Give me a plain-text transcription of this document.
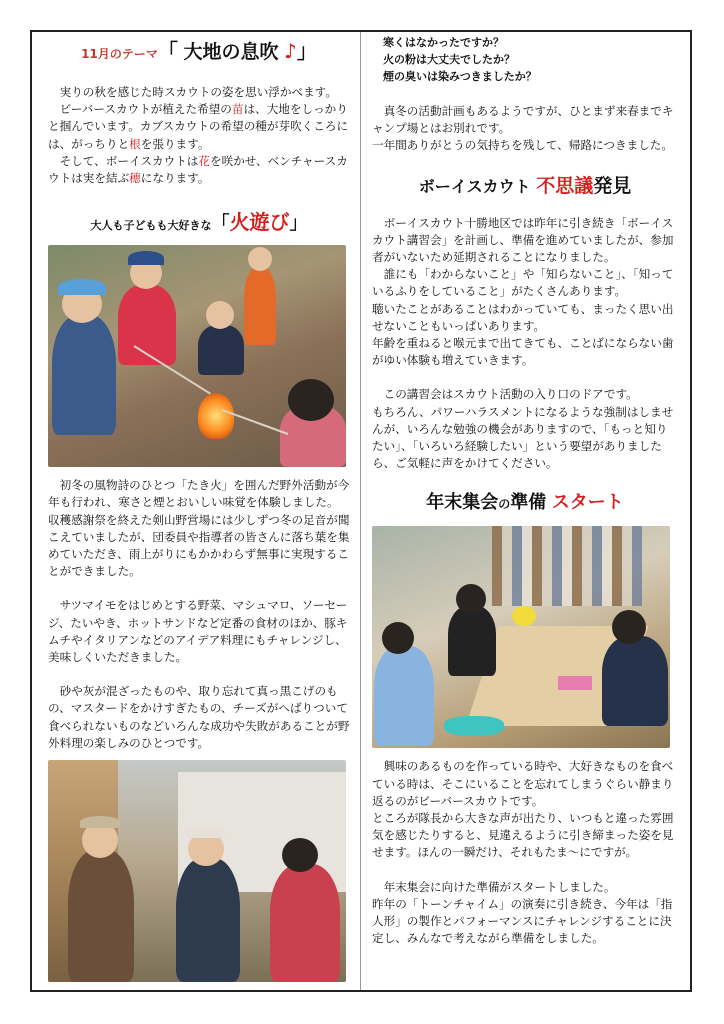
11月のテーマ「 大地の息吹 ♪」

　実りの秋を感じた時スカウトの姿を思い浮かべます。

　ビーバースカウトが植えた希望の苗は、大地をしっかりと掴んでいます。カブスカウトの希望の種が芽吹くころには、がっちりと根を張ります。

　そして、ボーイスカウトは花を咲かせ、ベンチャースカウトは実を結ぶ穂になります。

大人も子どもも大好きな「火遊び」

　初冬の風物詩のひとつ「たき火」を囲んだ野外活動が今年も行われ、寒さと煙とおいしい味覚を体験しました。収穫感謝祭を終えた剣山野営場には少しずつ冬の足音が聞こえていましたが、団委員や指導者の皆さんに落ち葉を集めていただき、雨上がりにもかかわらず無事に実現することができました。

　サツマイモをはじめとする野菜、マシュマロ、ソーセージ、たいやき、ホットサンドなど定番の食材のほか、豚キムチやイタリアンなどのアイデア料理にもチャレンジし、美味しくいただきました。

　砂や灰が混ざったものや、取り忘れて真っ黒こげのもの、マスタードをかけすぎたもの、チーズがへばりついて食べられないものなどいろんな成功や失敗があることが野外料理の楽しみのひとつです。

　寒くはなかったですか？

　火の粉は大丈夫でしたか？

　煙の臭いは染みつきましたか？

　真冬の活動計画もあるようですが、ひとまず来春までキャンプ場とはお別れです。

一年間ありがとうの気持ちを残して、帰路につきました。

ボーイスカウト 不思議発見

　ボーイスカウト十勝地区では昨年に引き続き「ボーイスカウト講習会」を計画し、準備を進めていましたが、参加者がいないため延期されることになりました。

　誰にも「わからないこと」や「知らないこと」、「知っているふりをしていること」がたくさんあります。

聴いたことがあることはわかっていても、まったく思い出せないこともいっぱいあります。

年齢を重ねると喉元まで出てきても、ことばにならない歯がゆい体験も増えていきます。

　この講習会はスカウト活動の入り口のドアです。

もちろん、パワーハラスメントになるような強制はしませんが、いろんな勉強の機会がありますので、「もっと知りたい」、「いろいろ経験したい」という要望がありましたら、ご気軽に声をかけてください。

年末集会の準備 スタート

　興味のあるものを作っている時や、大好きなものを食べている時は、そこにいることを忘れてしまうぐらい静まり返るのがビーバースカウトです。

ところが隊長から大きな声が出たり、いつもと違った雰囲気を感じたりすると、見違えるように引き締まった姿を見せます。ほんの一瞬だけ、それもたま～にですが。

　年末集会に向けた準備がスタートしました。

昨年の「トーンチャイム」の演奏に引き続き、今年は「指人形」の製作とパフォーマンスにチャレンジすることに決定し、みんなで考えながら準備をしました。
